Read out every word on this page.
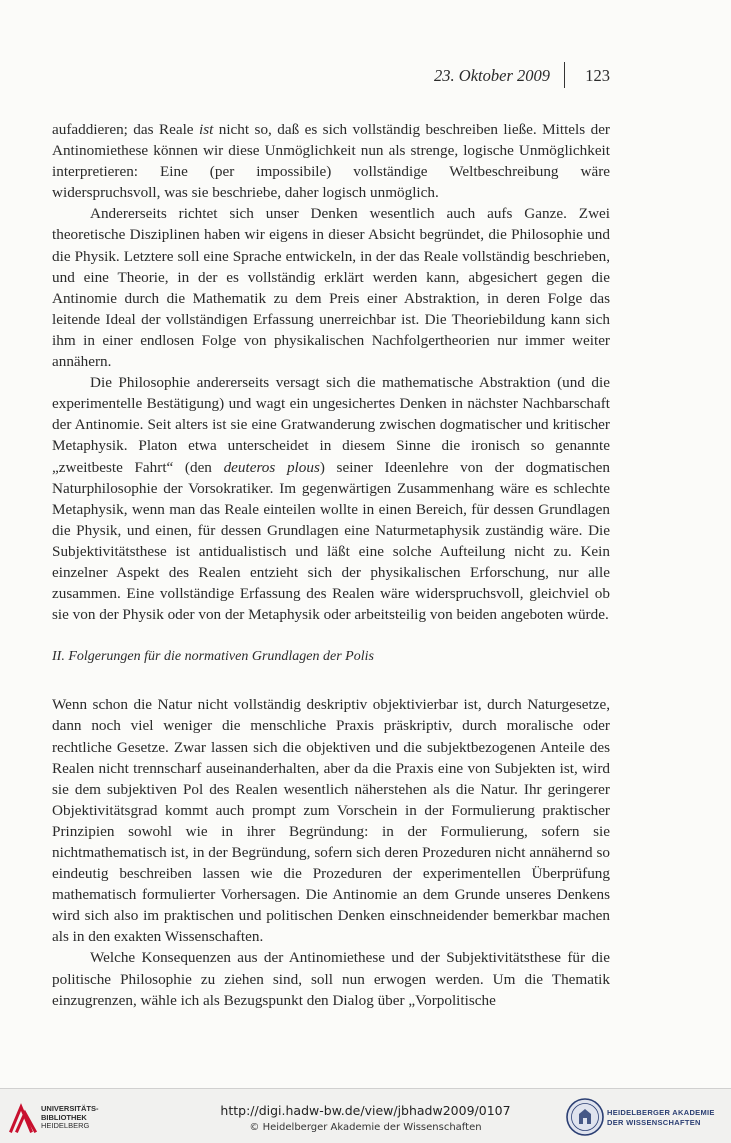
23. Oktober 2009 123

aufaddieren; das Reale ist nicht so, daß es sich vollständig beschreiben ließe. Mittels der Antinomiethese können wir diese Unmöglichkeit nun als strenge, logische Unmöglichkeit interpretieren: Eine (per impossibile) vollständige Weltbeschreibung wäre widerspruchsvoll, was sie beschriebe, daher logisch unmöglich.

Andererseits richtet sich unser Denken wesentlich auch aufs Ganze. Zwei theoretische Disziplinen haben wir eigens in dieser Absicht begründet, die Philosophie und die Physik. Letztere soll eine Sprache entwickeln, in der das Reale vollständig beschrieben, und eine Theorie, in der es vollständig erklärt werden kann, abgesichert gegen die Antinomie durch die Mathematik zu dem Preis einer Abstraktion, in deren Folge das leitende Ideal der vollständigen Erfassung unerreichbar ist. Die Theoriebildung kann sich ihm in einer endlosen Folge von physikalischen Nachfolgertheorien nur immer weiter annähern.

Die Philosophie andererseits versagt sich die mathematische Abstraktion (und die experimentelle Bestätigung) und wagt ein ungesichertes Denken in nächster Nachbarschaft der Antinomie. Seit alters ist sie eine Gratwanderung zwischen dogmatischer und kritischer Metaphysik. Platon etwa unterscheidet in diesem Sinne die ironisch so genannte „zweitbeste Fahrt“ (den deuteros plous) seiner Ideenlehre von der dogmatischen Naturphilosophie der Vorsokratiker. Im gegenwärtigen Zusammenhang wäre es schlechte Metaphysik, wenn man das Reale einteilen wollte in einen Bereich, für dessen Grundlagen die Physik, und einen, für dessen Grundlagen eine Naturmetaphysik zuständig wäre. Die Subjektivitätsthese ist antidualistisch und läßt eine solche Aufteilung nicht zu. Kein einzelner Aspekt des Realen entzieht sich der physikalischen Erforschung, nur alle zusammen. Eine vollständige Erfassung des Realen wäre widerspruchsvoll, gleichviel ob sie von der Physik oder von der Metaphysik oder arbeitsteilig von beiden angeboten würde.

II. Folgerungen für die normativen Grundlagen der Polis

Wenn schon die Natur nicht vollständig deskriptiv objektivierbar ist, durch Naturgesetze, dann noch viel weniger die menschliche Praxis präskriptiv, durch moralische oder rechtliche Gesetze. Zwar lassen sich die objektiven und die subjektbezogenen Anteile des Realen nicht trennscharf auseinanderhalten, aber da die Praxis eine von Subjekten ist, wird sie dem subjektiven Pol des Realen wesentlich näherstehen als die Natur. Ihr geringerer Objektivitätsgrad kommt auch prompt zum Vorschein in der Formulierung praktischer Prinzipien sowohl wie in ihrer Begründung: in der Formulierung, sofern sie nichtmathematisch ist, in der Begründung, sofern sich deren Prozeduren nicht annähernd so eindeutig beschreiben lassen wie die Prozeduren der experimentellen Überprüfung mathematisch formulierter Vorhersagen. Die Antinomie an dem Grunde unseres Denkens wird sich also im praktischen und politischen Denken einschneidender bemerkbar machen als in den exakten Wissenschaften.

Welche Konsequenzen aus der Antinomiethese und der Subjektivitätsthese für die politische Philosophie zu ziehen sind, soll nun erwogen werden. Um die Thematik einzugrenzen, wähle ich als Bezugspunkt den Dialog über „Vorpolitische

UNIVERSITÄTS-
BIBLIOTHEK
HEIDELBERG
http://digi.hadw-bw.de/view/jbhadw2009/0107
© Heidelberger Akademie der Wissenschaften
HEIDELBERGER AKADEMIE
DER WISSENSCHAFTEN
